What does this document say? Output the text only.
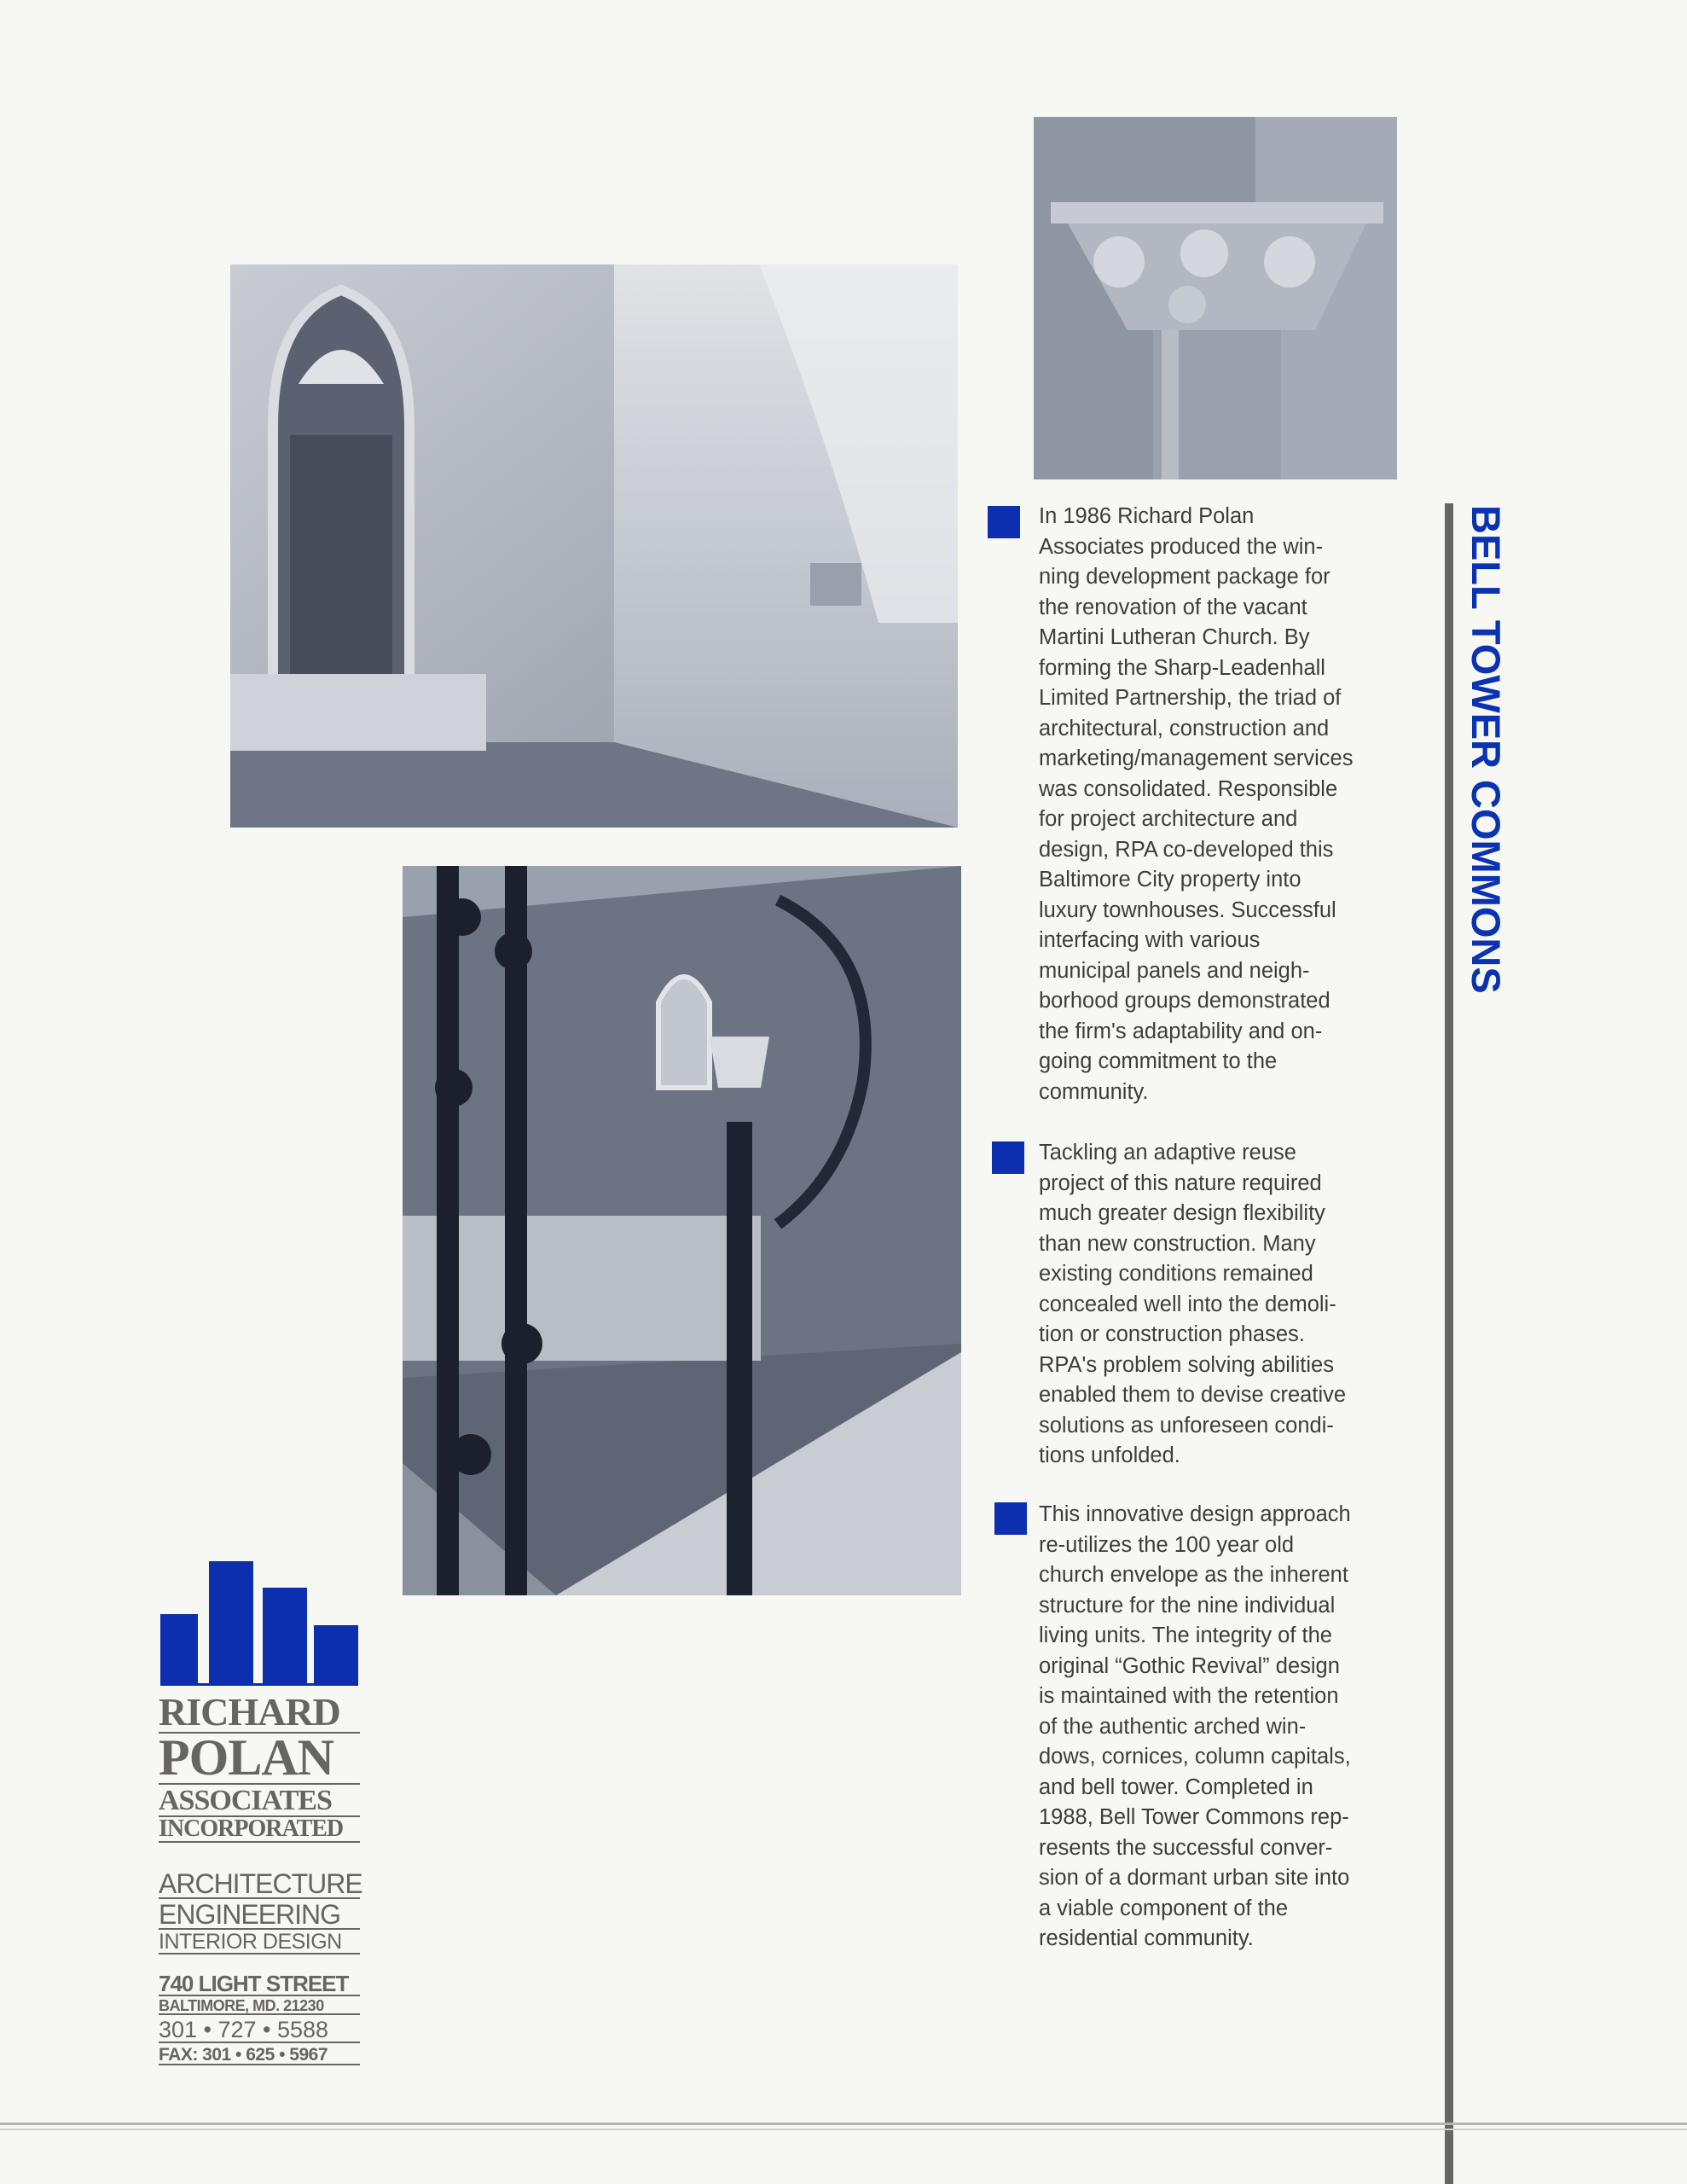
In 1986 Richard Polan
Associates produced the win-
ning development package for
the renovation of the vacant
Martini Lutheran Church. By
forming the Sharp-Leadenhall
Limited Partnership, the triad of
architectural, construction and
marketing/management services
was consolidated. Responsible
for project architecture and
design, RPA co-developed this
Baltimore City property into
luxury townhouses. Successful
interfacing with various
municipal panels and neigh-
borhood groups demonstrated
the firm's adaptability and on-
going commitment to the
community.
Tackling an adaptive reuse
project of this nature required
much greater design flexibility
than new construction. Many
existing conditions remained
concealed well into the demoli-
tion or construction phases.
RPA's problem solving abilities
enabled them to devise creative
solutions as unforeseen condi-
tions unfolded.
This innovative design approach
re-utilizes the 100 year old
church envelope as the inherent
structure for the nine individual
living units. The integrity of the
original “Gothic Revival” design
is maintained with the retention
of the authentic arched win-
dows, cornices, column capitals,
and bell tower. Completed in
1988, Bell Tower Commons rep-
resents the successful conver-
sion of a dormant urban site into
a viable component of the
residential community.
BELL TOWER COMMONS
RICHARD
POLAN
ASSOCIATES
INCORPORATED
ARCHITECTURE
ENGINEERING
INTERIOR DESIGN
740 LIGHT STREET
BALTIMORE, MD. 21230
301 • 727 • 5588
FAX: 301 • 625 • 5967
